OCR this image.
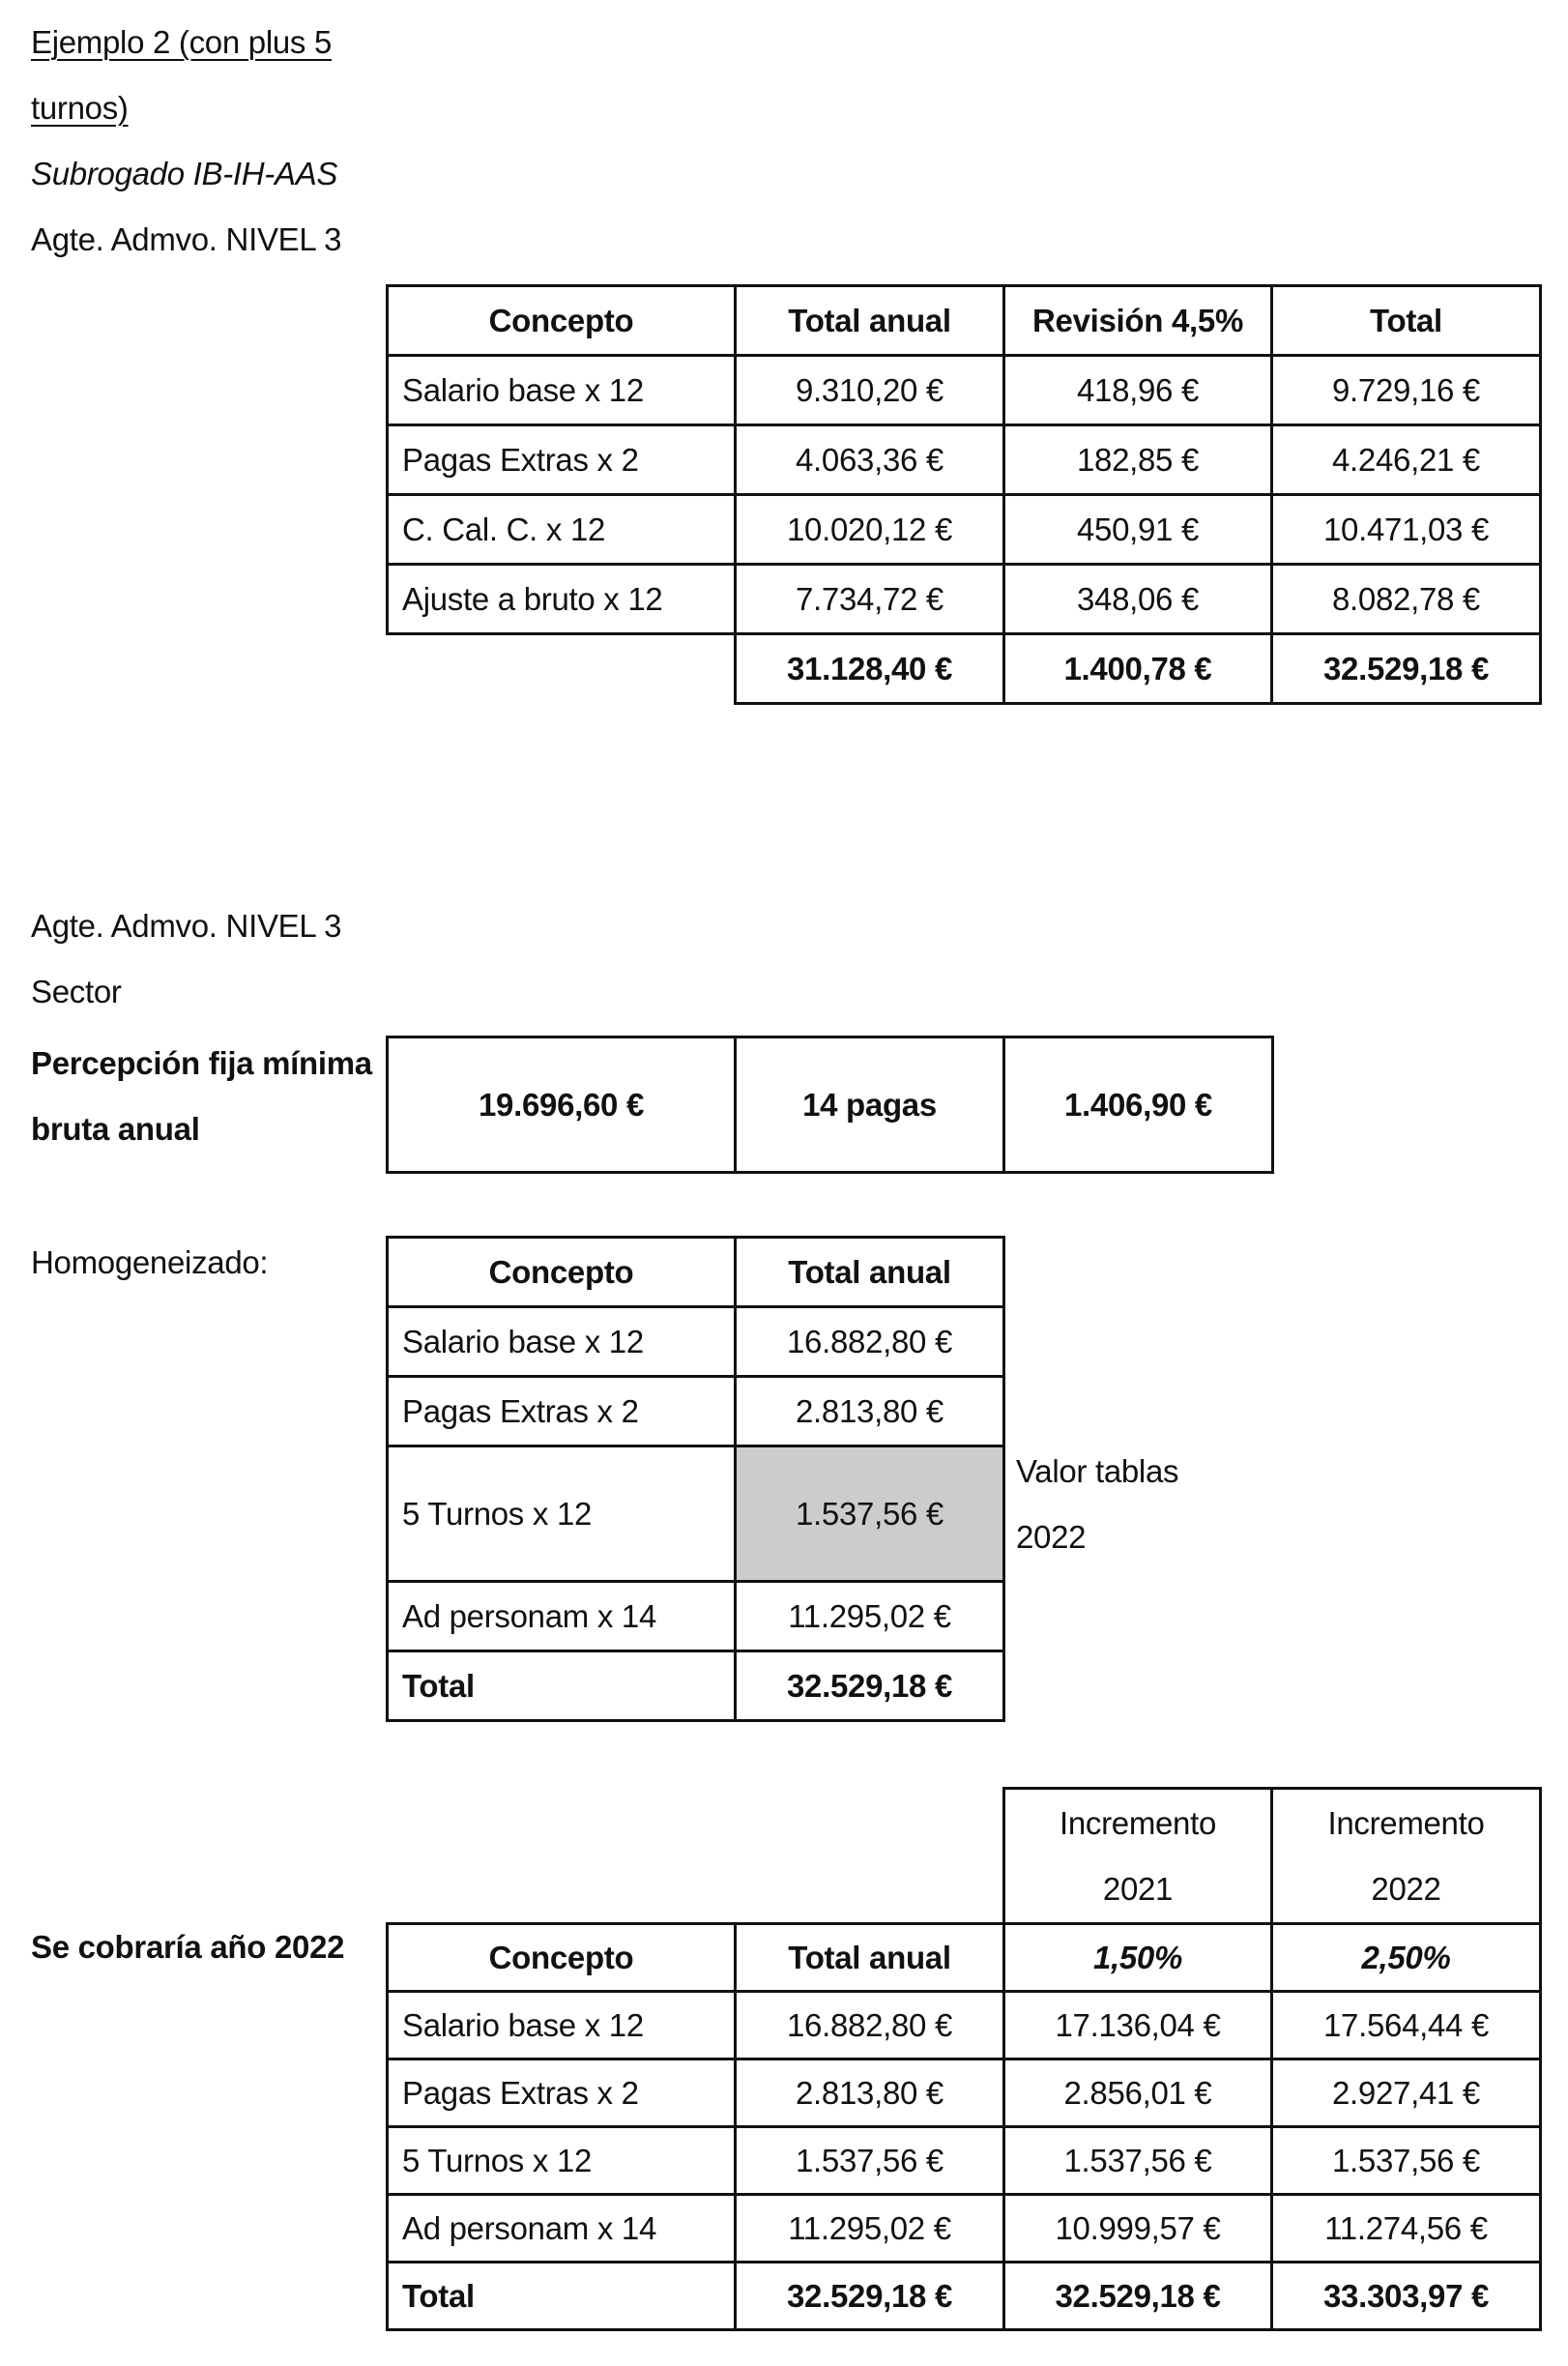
Ejemplo 2 (con plus 5
turnos)
Subrogado IB-IH-AAS
Agte. Admvo. NIVEL 3
Concepto	Total anual	Revisión 4,5%	Total
Salario base x 12	9.310,20 €	418,96 €	9.729,16 €
Pagas Extras x 2	4.063,36 €	182,85 €	4.246,21 €
C. Cal. C. x 12	10.020,12 €	450,91 €	10.471,03 €
Ajuste a bruto x 12	7.734,72 €	348,06 €	8.082,78 €
	31.128,40 €	1.400,78 €	32.529,18 €
Agte. Admvo. NIVEL 3
Sector
Percepción fija mínima
bruta anual
19.696,60 €	14 pagas	1.406,90 €
Homogeneizado:	Concepto	Total anual
Salario base x 12	16.882,80 €
Pagas Extras x 2	2.813,80 €
5 Turnos x 12	1.537,56 €
Ad personam x 14	11.295,02 €
Total	32.529,18 €
Valor tablas
2022
Se cobraría año 2022
Incremento
2021

Incremento
2022
Concepto	Total anual	1,50%	2,50%
Salario base x 12	16.882,80 €	17.136,04 €	17.564,44 €
Pagas Extras x 2	2.813,80 €	2.856,01 €	2.927,41 €
5 Turnos x 12	1.537,56 €	1.537,56 €	1.537,56 €
Ad personam x 14	11.295,02 €	10.999,57 €	11.274,56 €
Total	32.529,18 €	32.529,18 €	33.303,97 €
